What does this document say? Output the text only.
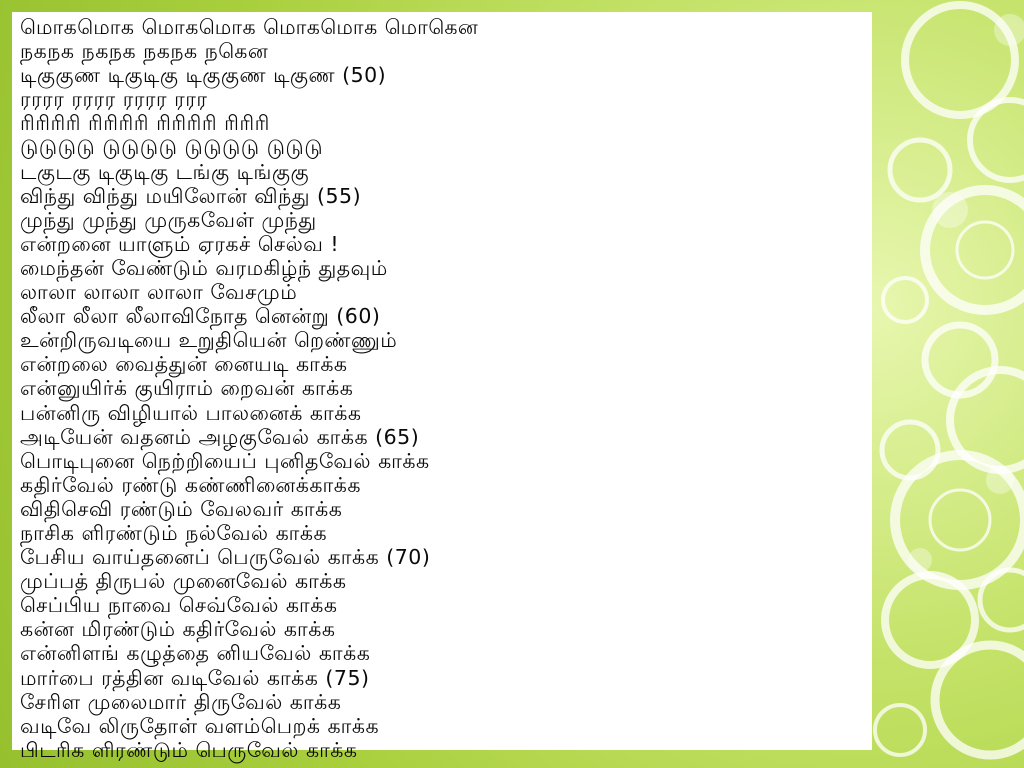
மொகமொக மொகமொக மொகமொக மொகென
நகநக நகநக நகநக நகென
டிகுகுண டிகுடிகு டிகுகுண டிகுண (50)
ரரரர ரரரர ரரரர ரரர
ரிரிரிரி ரிரிரிரி ரிரிரிரி ரிரிரி
டுடுடுடு டுடுடுடு டுடுடுடு டுடுடு
டகுடகு டிகுடிகு டங்கு டிங்குகு
விந்து விந்து மயிலோன் விந்து (55)
முந்து முந்து முருகவேள் முந்து
என்றனை யாளும் ஏரகச் செல்வ !
மைந்தன் வேண்டும் வரமகிழ்ந் துதவும்
லாலா லாலா லாலா வேசமும்
லீலா லீலா லீலாவிநோத னென்று (60)
உன்றிருவடியை உறுதியென் றெண்ணும்
என்றலை வைத்துன் னையடி காக்க
என்னுயிர்க் குயிராம் றைவன் காக்க
பன்னிரு விழியால் பாலனைக் காக்க
அடியேன் வதனம் அழகுவேல் காக்க (65)
பொடிபுனை நெற்றியைப் புனிதவேல் காக்க
கதிர்வேல் ரண்டு கண்ணினைக்காக்க
விதிசெவி ரண்டும் வேலவர் காக்க
நாசிக ளிரண்டும் நல்வேல் காக்க
பேசிய வாய்தனைப் பெருவேல் காக்க (70)
முப்பத் திருபல் முனைவேல் காக்க
செப்பிய நாவை செவ்வேல் காக்க
கன்ன மிரண்டும் கதிர்வேல் காக்க
என்னிளங் கழுத்தை னியவேல் காக்க
மார்பை ரத்தின வடிவேல் காக்க (75)
சேரிள முலைமார் திருவேல் காக்க
வடிவே லிருதோள் வளம்பெறக் காக்க
பிடரிக ளிரண்டும் பெருவேல் காக்க
